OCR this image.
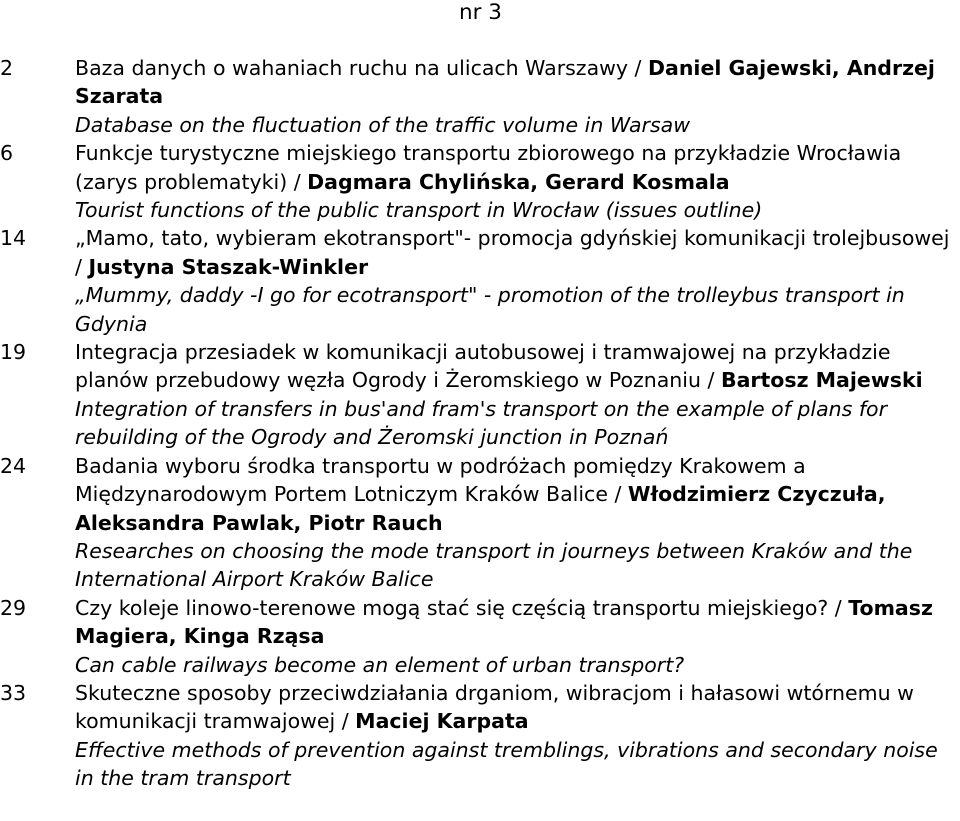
nr 3
2	Baza danych o wahaniach ruchu na ulicach Warszawy / Daniel Gajewski, Andrzej Szarata
Database on the fluctuation of the traffic volume in Warsaw
6	Funkcje turystyczne miejskiego transportu zbiorowego na przykładzie Wrocławia (zarys problematyki) / Dagmara Chylińska, Gerard Kosmala
Tourist functions of the public transport in Wrocław (issues outline)
14	„Mamo, tato, wybieram ekotransport"- promocja gdyńskiej komunikacji trolejbusowej / Justyna Staszak-Winkler
„Mummy, daddy -I go for ecotransport" - promotion of the trolleybus transport in Gdynia
19	Integracja przesiadek w komunikacji autobusowej i tramwajowej na przykładzie planów przebudowy węzła Ogrody i Żeromskiego w Poznaniu / Bartosz Majewski
Integration of transfers in bus'and fram's transport on the example of plans for rebuilding of the Ogrody and Żeromski junction in Poznań
24	Badania wyboru środka transportu w podróżach pomiędzy Krakowem a Międzynarodowym Portem Lotniczym Kraków Balice / Włodzimierz Czyczuła, Aleksandra Pawlak, Piotr Rauch
Researches on choosing the mode transport in journeys between Kraków and the International Airport Kraków Balice
29	Czy koleje linowo-terenowe mogą stać się częścią transportu miejskiego? / Tomasz Magiera, Kinga Rząsa
Can cable railways become an element of urban transport?
33	Skuteczne sposoby przeciwdziałania drganiom, wibracjom i hałasowi wtórnemu w komunikacji tramwajowej / Maciej Karpata
Effective methods of prevention against tremblings, vibrations and secondary noise in the tram transport
